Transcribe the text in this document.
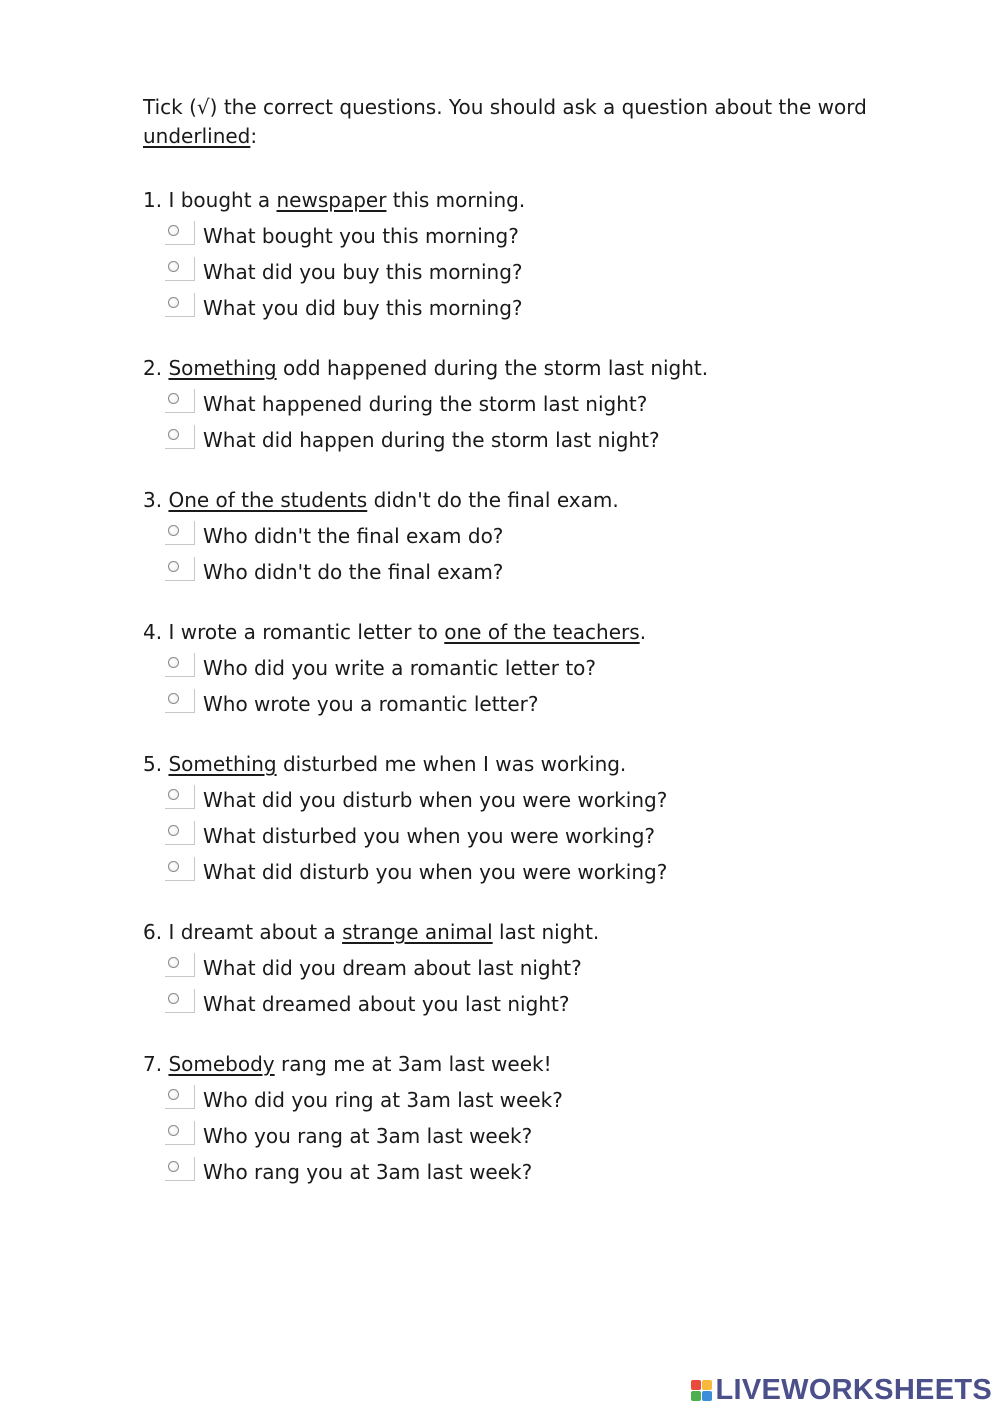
Tick (√) the correct questions. You should ask a question about the word underlined:

1. I bought a newspaper this morning.

What bought you this morning?
What did you buy this morning?
What you did buy this morning?

2. Something odd happened during the storm last night.

What happened during the storm last night?
What did happen during the storm last night?

3. One of the students didn't do the final exam.

Who didn't the final exam do?
Who didn't do the final exam?

4. I wrote a romantic letter to one of the teachers.

Who did you write a romantic letter to?
Who wrote you a romantic letter?

5. Something disturbed me when I was working.

What did you disturb when you were working?
What disturbed you when you were working?
What did disturb you when you were working?

6. I dreamt about a strange animal last night.

What did you dream about last night?
What dreamed about you last night?

7. Somebody rang me at 3am last week!

Who did you ring at 3am last week?
Who you rang at 3am last week?
Who rang you at 3am last week?
LIVEWORKSHEETS
